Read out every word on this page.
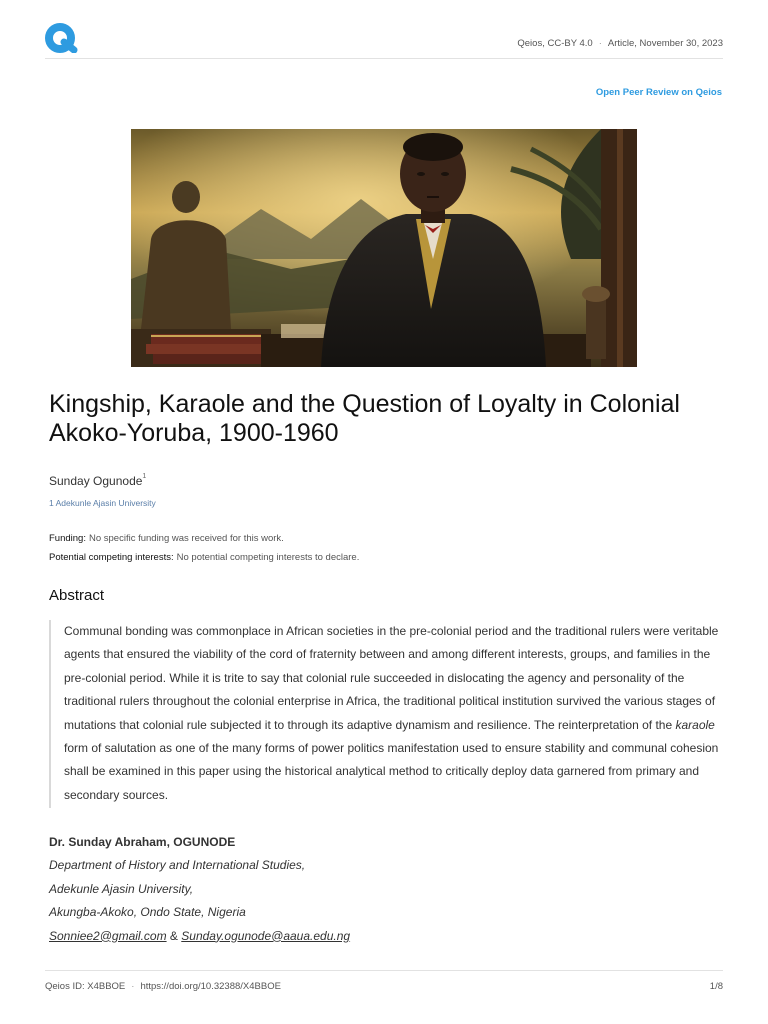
Qeios, CC-BY 4.0 · Article, November 30, 2023
Open Peer Review on Qeios
Kingship, Karaole and the Question of Loyalty in Colonial Akoko-Yoruba, 1900-1960
Sunday Ogunode$^1$
1 Adekunle Ajasin University
Funding: No specific funding was received for this work.
Potential competing interests: No potential competing interests to declare.
Abstract

Communal bonding was commonplace in African societies in the pre-colonial period and the traditional rulers were veritable agents that ensured the viability of the cord of fraternity between and among different interests, groups, and families in the pre-colonial period. While it is trite to say that colonial rule succeeded in dislocating the agency and personality of the traditional rulers throughout the colonial enterprise in Africa, the traditional political institution survived the various stages of mutations that colonial rule subjected it to through its adaptive dynamism and resilience. The reinterpretation of the karaole form of salutation as one of the many forms of power politics manifestation used to ensure stability and communal cohesion shall be examined in this paper using the historical analytical method to critically deploy data garnered from primary and secondary sources.

Dr. Sunday Abraham, OGUNODE
Department of History and International Studies,
Adekunle Ajasin University,
Akungba-Akoko, Ondo State, Nigeria
Sonniee2@gmail.com & Sunday.ogunode@aaua.edu.ng
Qeios ID: X4BBOE · https://doi.org/10.32388/X4BBOE	1/8
